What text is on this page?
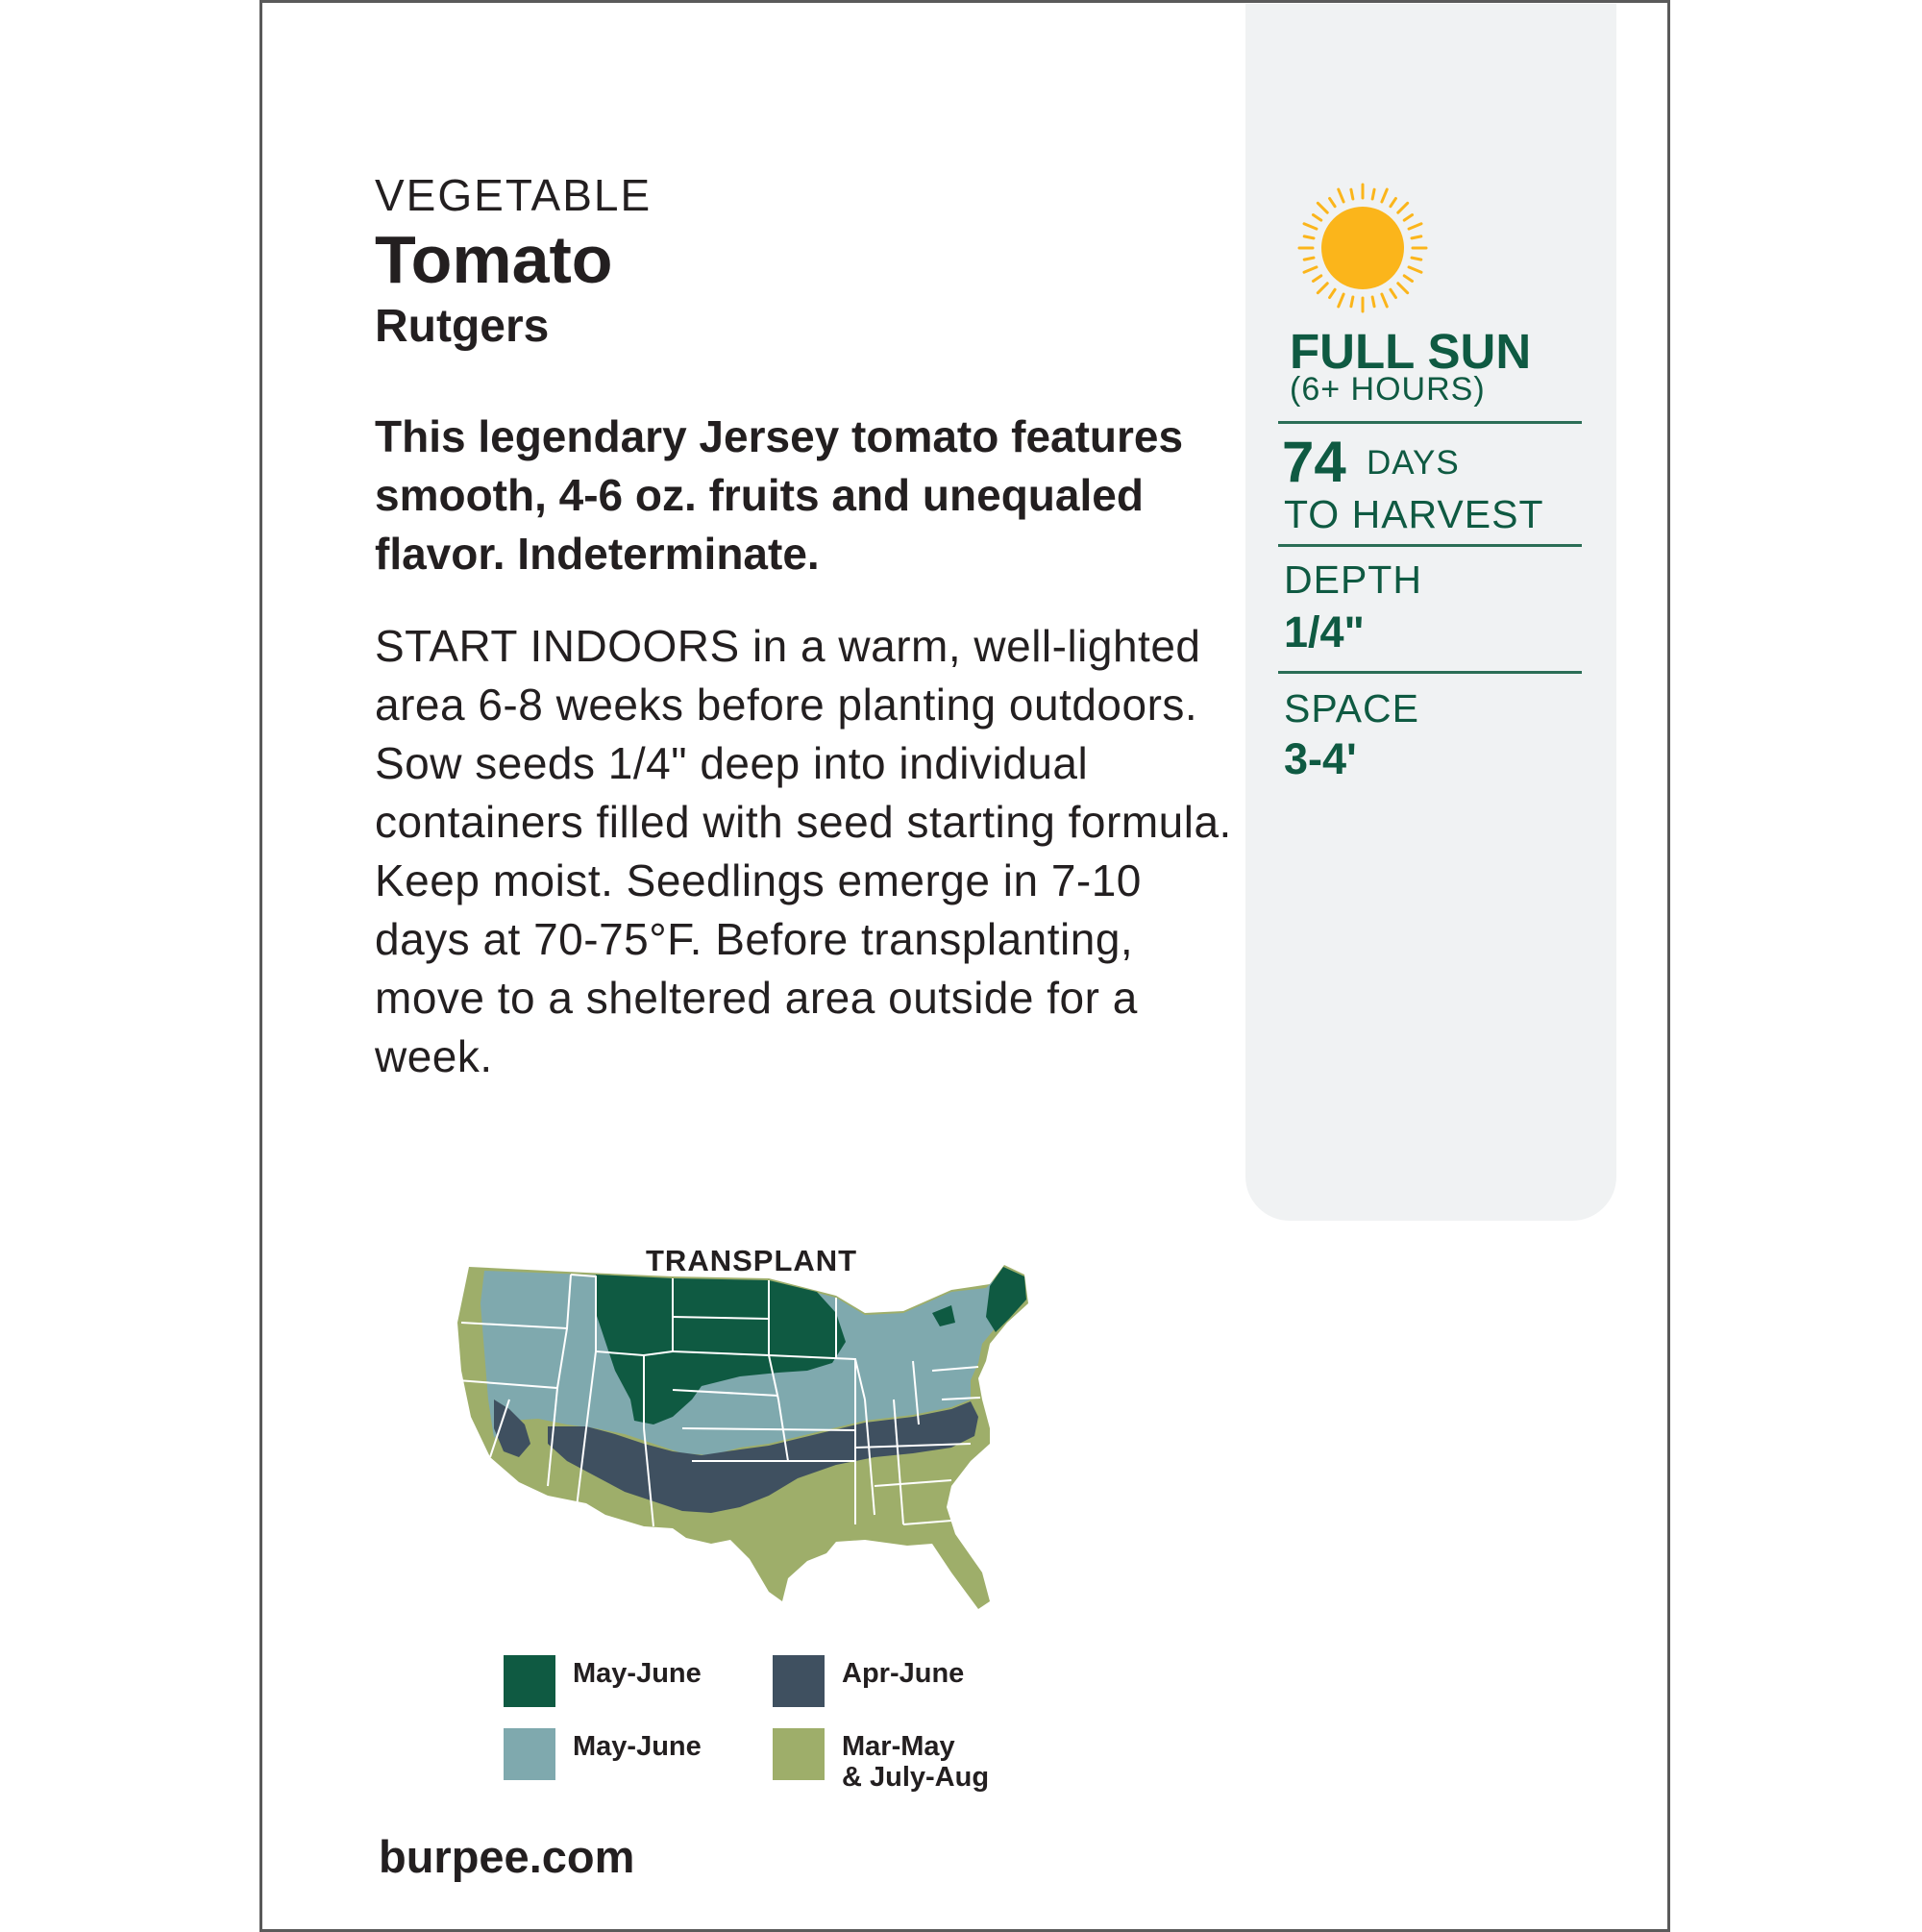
VEGETABLE
Tomato
Rutgers
This legendary Jersey tomato features smooth, 4-6 oz. fruits and unequaled flavor. Indeterminate.
START INDOORS in a warm, well-lighted area 6-8 weeks before planting outdoors. Sow seeds 1/4" deep into individual containers filled with seed starting formula. Keep moist. Seedlings emerge in 7-10 days at 70-75°F. Before transplanting, move to a sheltered area outside for a week.
FULL SUN
(6+ HOURS)
74 DAYS
TO HARVEST
DEPTH
1/4"
SPACE
3-4'
TRANSPLANT
May-June	Apr-June
May-June	Mar-May
& July-Aug
burpee.com
